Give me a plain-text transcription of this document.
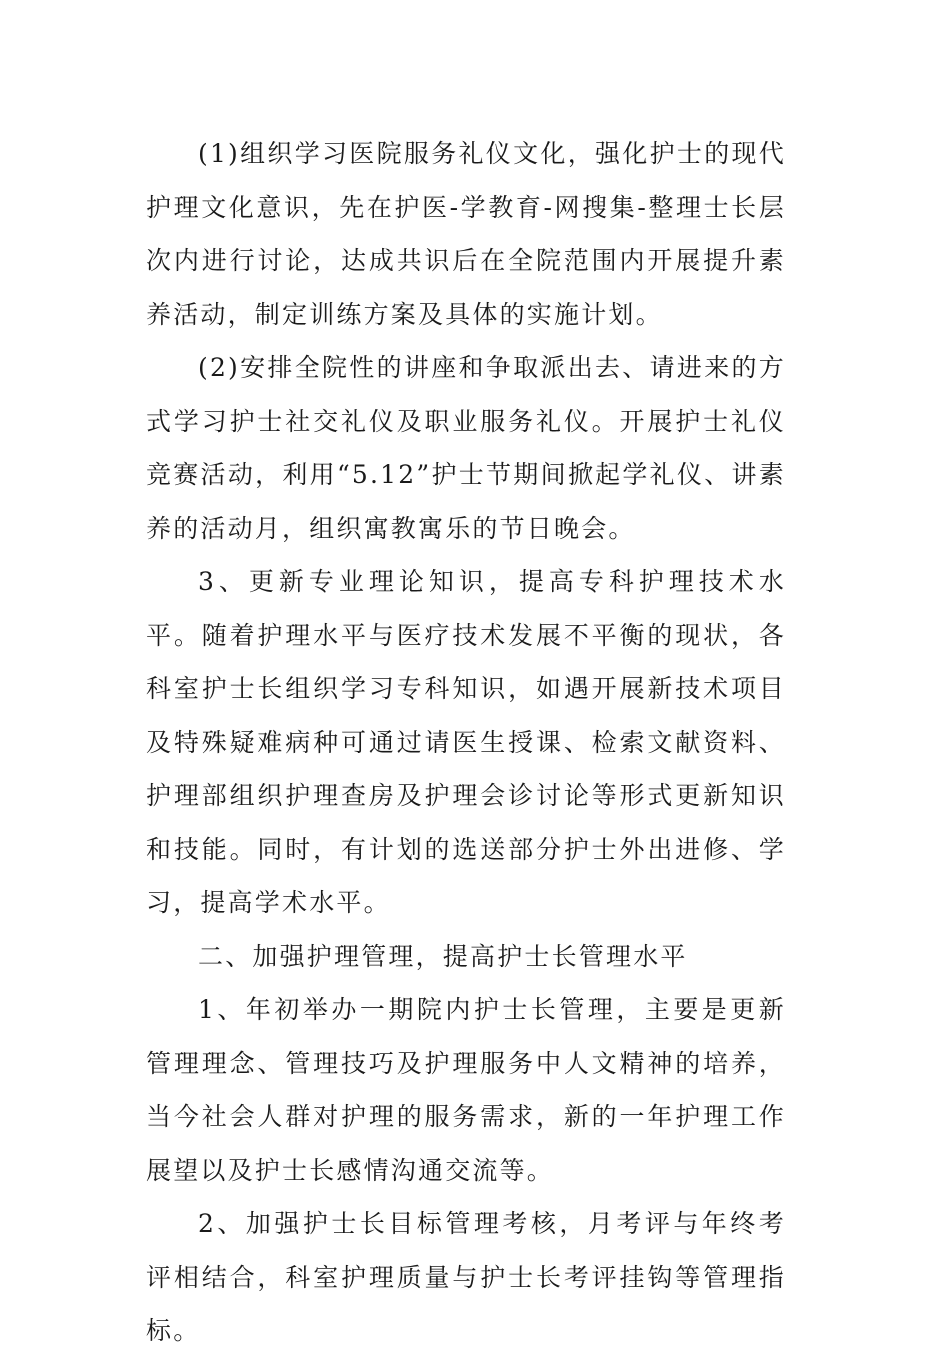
(1)组织学习医院服务礼仪文化，强化护士的现代护理文化意识，先在护医-学教育-网搜集-整理士长层次内进行讨论，达成共识后在全院范围内开展提升素养活动，制定训练方案及具体的实施计划。

(2)安排全院性的讲座和争取派出去、请进来的方式学习护士社交礼仪及职业服务礼仪。开展护士礼仪竞赛活动，利用“5.12”护士节期间掀起学礼仪、讲素养的活动月，组织寓教寓乐的节日晚会。

3、更新专业理论知识，提高专科护理技术水平。随着护理水平与医疗技术发展不平衡的现状，各科室护士长组织学习专科知识，如遇开展新技术项目及特殊疑难病种可通过请医生授课、检索文献资料、护理部组织护理查房及护理会诊讨论等形式更新知识和技能。同时，有计划的选送部分护士外出进修、学习，提高学术水平。

二、加强护理管理，提高护士长管理水平

1、年初举办一期院内护士长管理，主要是更新管理理念、管理技巧及护理服务中人文精神的培养，当今社会人群对护理的服务需求，新的一年护理工作展望以及护士长感情沟通交流等。

2、加强护士长目标管理考核，月考评与年终考评相结合，科室护理质量与护士长考评挂钩等管理指标。
